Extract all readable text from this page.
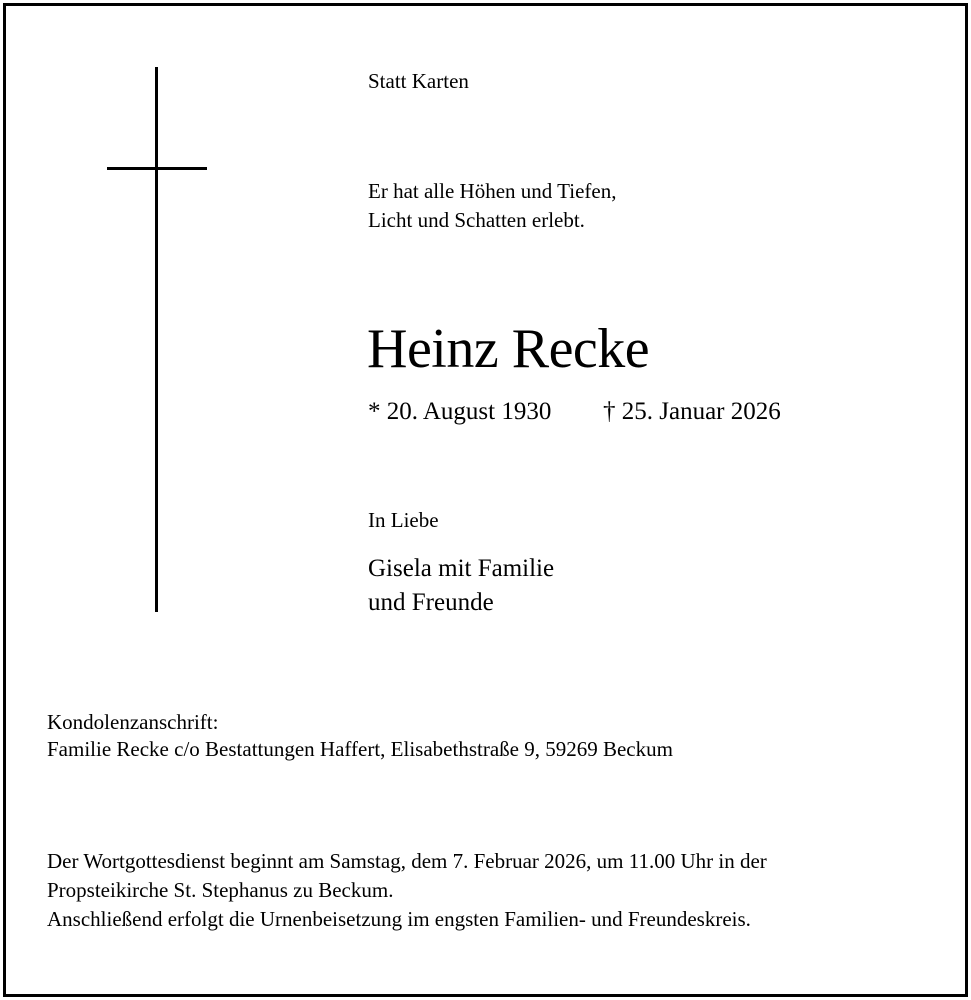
Statt Karten
Er hat alle Höhen und Tiefen,
Licht und Schatten erlebt.
Heinz Recke
* 20. August 1930 † 25. Januar 2026
In Liebe
Gisela mit Familie
und Freunde
Kondolenzanschrift:
Familie Recke c/o Bestattungen Haffert, Elisabethstraße 9, 59269 Beckum
Der Wortgottesdienst beginnt am Samstag, dem 7. Februar 2026, um 11.00 Uhr in der
Propsteikirche St. Stephanus zu Beckum.
Anschließend erfolgt die Urnenbeisetzung im engsten Familien- und Freundeskreis.
